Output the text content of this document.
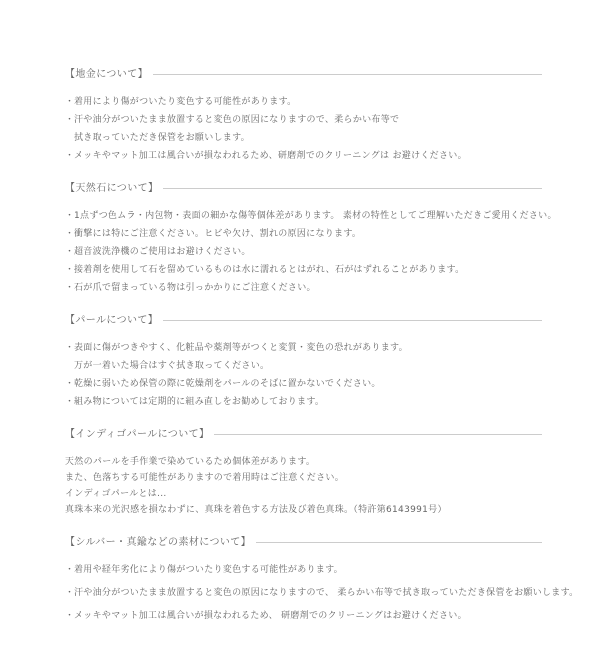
【地金について】

・着用により傷がついたり変色する可能性があります。

・汗や油分がついたまま放置すると変色の原因になりますので、柔らかい布等で

拭き取っていただき保管をお願いします。

・メッキやマット加工は風合いが損なわれるため、研磨剤でのクリーニングは お避けください。

【天然石について】

・1点ずつ色ムラ・内包物・表面の細かな傷等個体差があります。 素材の特性としてご理解いただきご愛用ください。

・衝撃には特にご注意ください。ヒビや欠け、割れの原因になります。

・超音波洗浄機のご使用はお避けください。

・接着剤を使用して石を留めているものは水に濡れるとはがれ、石がはずれることがあります。

・石が爪で留まっている物は引っかかりにご注意ください。

【パールについて】

・表面に傷がつきやすく、化粧品や薬剤等がつくと変質・変色の恐れがあります。

万が一着いた場合はすぐ拭き取ってください。

・乾燥に弱いため保管の際に乾燥剤をパールのそばに置かないでください。

・組み物については定期的に組み直しをお勧めしております。

【インディゴパールについて】

天然のパールを手作業で染めているため個体差があります。

また、色落ちする可能性がありますので着用時はご注意ください。

インディゴパールとは...

真珠本来の光沢感を損なわずに、真珠を着色する方法及び着色真珠。（特許第6143991号）

【シルバー・真鍮などの素材について】

・着用や経年劣化により傷がついたり変色する可能性があります。

・汗や油分がついたまま放置すると変色の原因になりますので、 柔らかい布等で拭き取っていただき保管をお願いします。

・メッキやマット加工は風合いが損なわれるため、 研磨剤でのクリーニングはお避けください。
